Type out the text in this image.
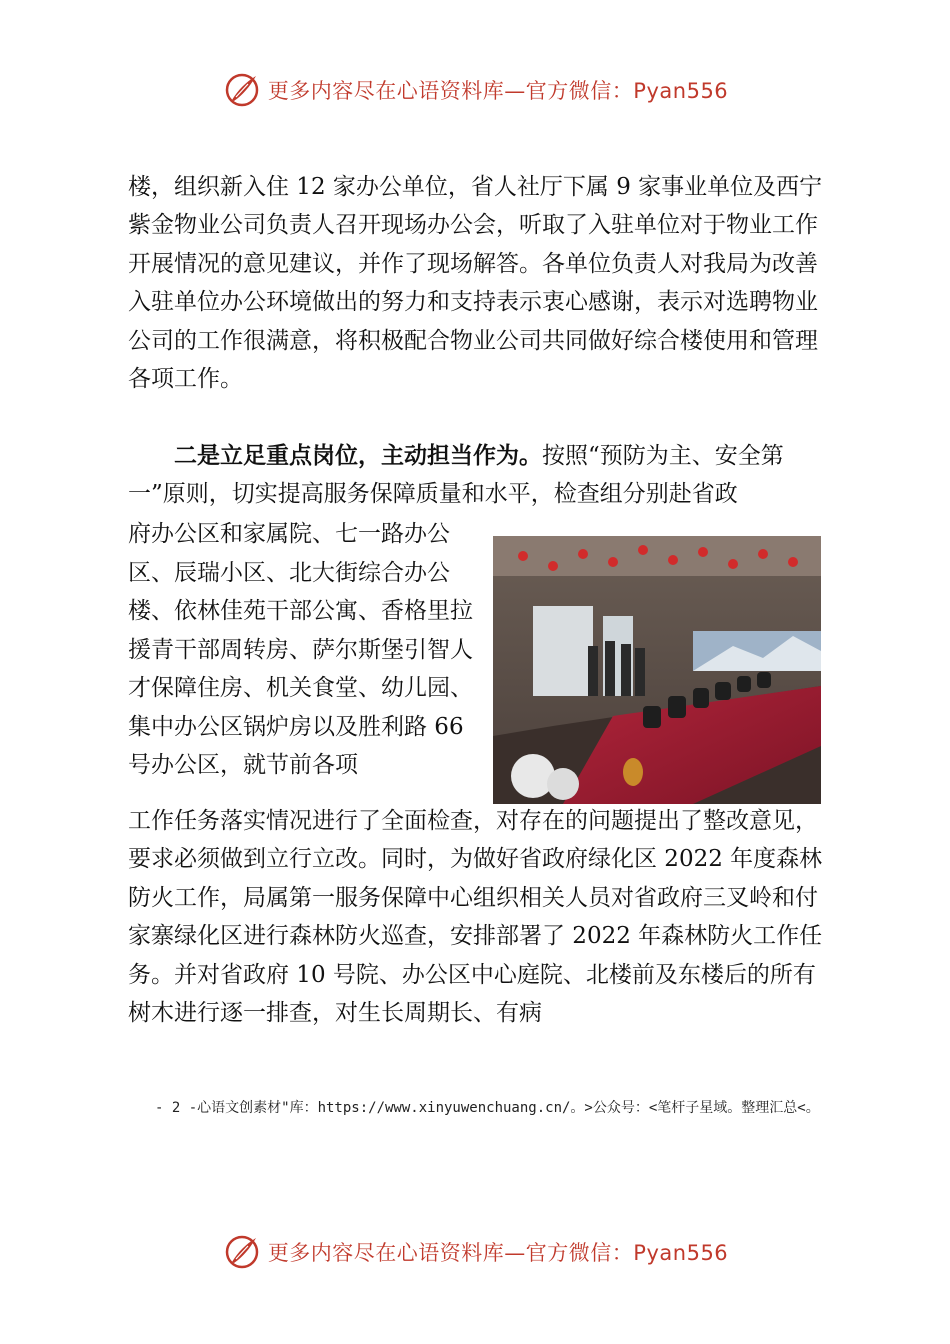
更多内容尽在心语资料库—官方微信：Pyan556
楼，组织新入住 12 家办公单位，省人社厅下属 9 家事业单位及西宁紫金物业公司负责人召开现场办公会，听取了入驻单位对于物业工作开展情况的意见建议，并作了现场解答。各单位负责人对我局为改善入驻单位办公环境做出的努力和支持表示衷心感谢，表示对选聘物业公司的工作很满意，将积极配合物业公司共同做好综合楼使用和管理各项工作。
二是立足重点岗位，主动担当作为。按照“预防为主、安全第一”原则，切实提高服务保障质量和水平，检查组分别赴省政
府办公区和家属院、七一路办公区、辰瑞小区、北大街综合办公楼、依林佳苑干部公寓、香格里拉援青干部周转房、萨尔斯堡引智人才保障住房、机关食堂、幼儿园、集中办公区锅炉房以及胜利路 66 号办公区，就节前各项
工作任务落实情况进行了全面检查，对存在的问题提出了整改意见，要求必须做到立行立改。同时，为做好省政府绿化区 2022 年度森林防火工作，局属第一服务保障中心组织相关人员对省政府三叉岭和付家寨绿化区进行森林防火巡查，安排部署了 2022 年森林防火工作任务。并对省政府 10 号院、办公区中心庭院、北楼前及东楼后的所有树木进行逐一排查，对生长周期长、有病
- 2 -心语文创素材"库：https://www.xinyuwenchuang.cn/。>公众号：<笔杆子星域。整理汇总<。
更多内容尽在心语资料库—官方微信：Pyan556
